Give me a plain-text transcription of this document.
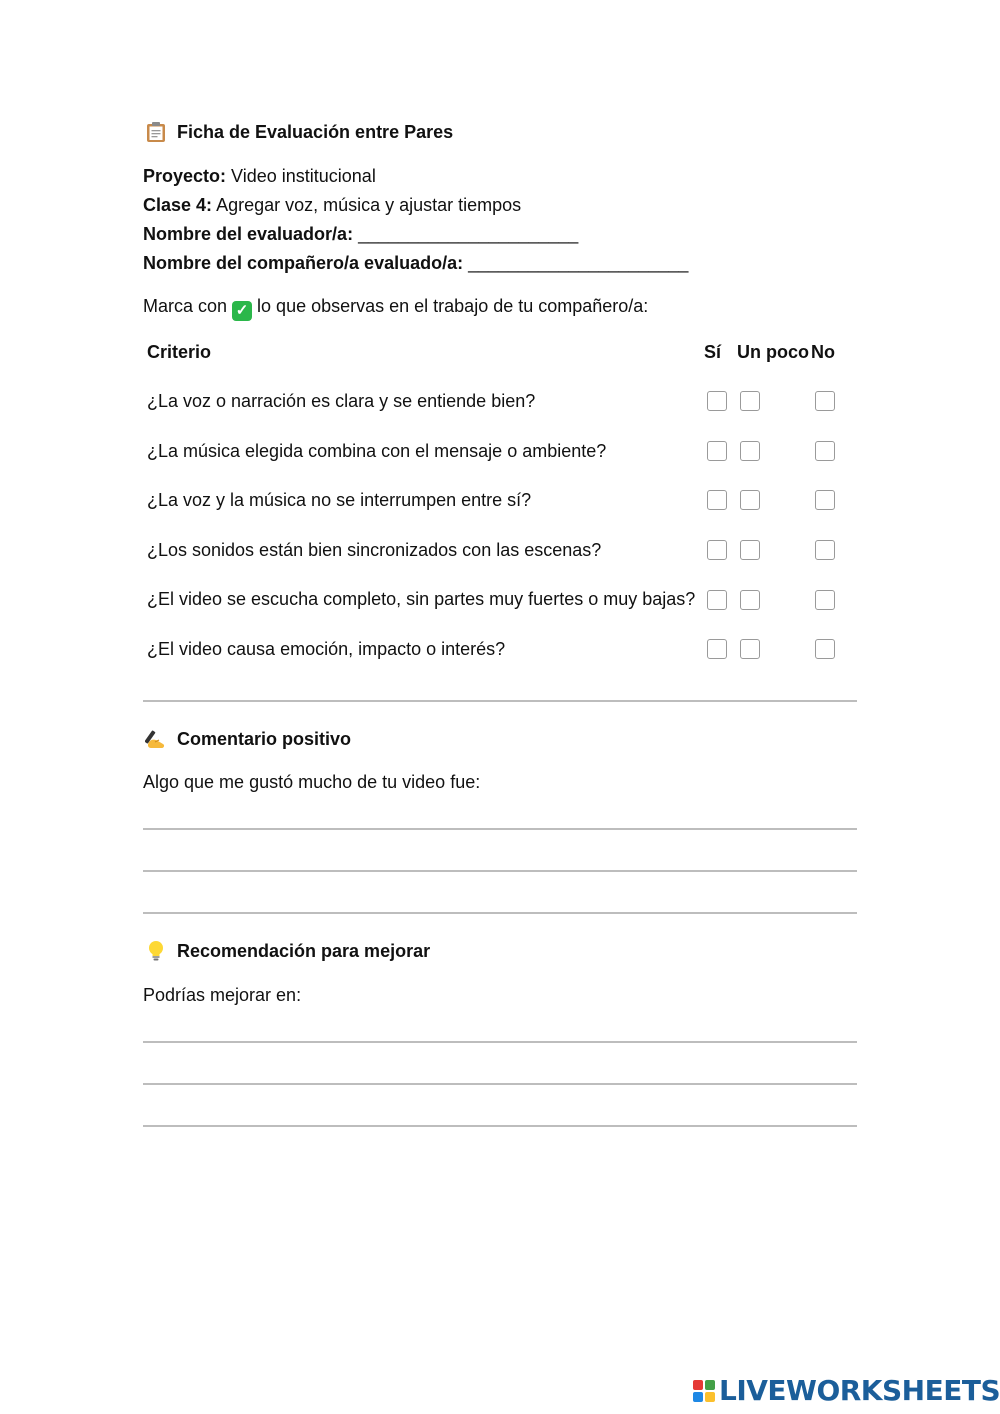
Ficha de Evaluación entre Pares
Proyecto: Video institucional
Clase 4: Agregar voz, música y ajustar tiempos
Nombre del evaluador/a: ______________________
Nombre del compañero/a evaluado/a: ______________________
Marca con ✓ lo que observas en el trabajo de tu compañero/a:
Criterio	Sí Un poco No
¿La voz o narración es clara y se entiende bien?
¿La música elegida combina con el mensaje o ambiente?
¿La voz y la música no se interrumpen entre sí?
¿Los sonidos están bien sincronizados con las escenas?
¿El video se escucha completo, sin partes muy fuertes o muy bajas?
¿El video causa emoción, impacto o interés?
Comentario positivo
Algo que me gustó mucho de tu video fue:
Recomendación para mejorar
Podrías mejorar en:
LIVEWORKSHEETS
